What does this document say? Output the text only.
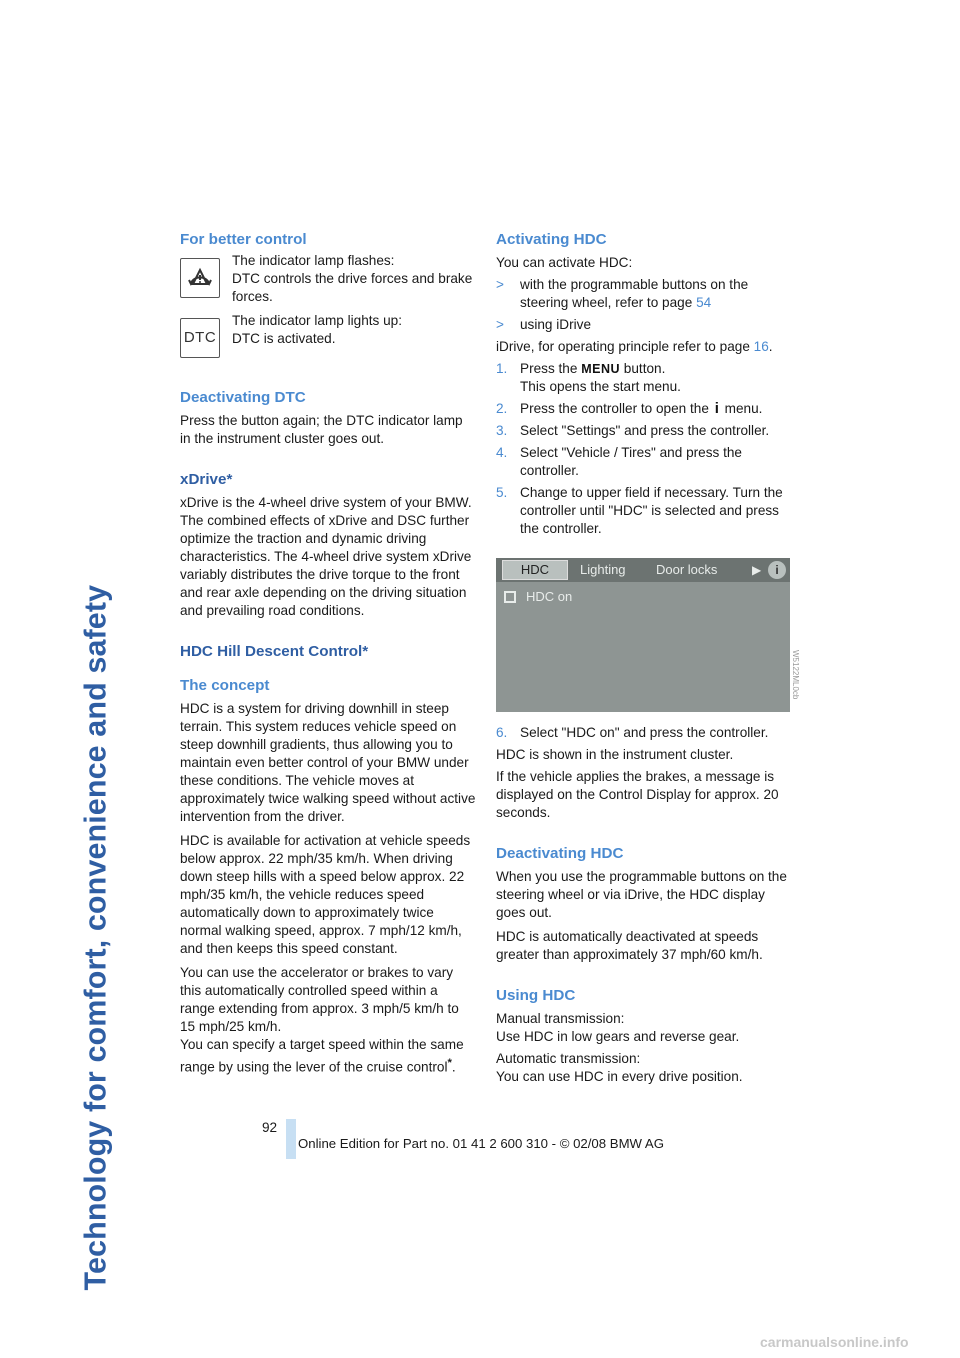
Technology for comfort, convenience and safety
For better control

The indicator lamp flashes:

DTC controls the drive forces and brake forces.

DTC

The indicator lamp lights up:

DTC is activated.

Deactivating DTC

Press the button again; the DTC indicator lamp in the instrument cluster goes out.

xDrive*

xDrive is the 4-wheel drive system of your BMW. The combined effects of xDrive and DSC further optimize the traction and dynamic driving characteristics. The 4-wheel drive system xDrive variably distributes the drive torque to the front and rear axle depending on the driving situation and prevailing road conditions.

HDC Hill Descent Control*
The concept

HDC is a system for driving downhill in steep terrain. This system reduces vehicle speed on steep downhill gradients, thus allowing you to maintain even better control of your BMW under these conditions. The vehicle moves at approximately twice walking speed without active intervention from the driver.

HDC is available for activation at vehicle speeds below approx. 22 mph/35 km/h. When driving down steep hills with a speed below approx. 22 mph/35 km/h, the vehicle reduces speed automatically down to approximately twice normal walking speed, approx. 7 mph/12 km/h, and then keeps this speed constant.

You can use the accelerator or brakes to vary this automatically controlled speed within a range extending from approx. 3 mph/5 km/h to 15 mph/25 km/h.

You can specify a target speed within the same range by using the lever of the cruise control*.

Activating HDC

You can activate HDC:

>	with the programmable buttons on the steering wheel, refer to page 54
>	using iDrive

iDrive, for operating principle refer to page 16.

1. Press the MENU button.
This opens the start menu.
2. Press the controller to open the i menu.
3. Select "Settings" and press the controller.
4. Select "Vehicle / Tires" and press the controller.
5. Change to upper field if necessary. Turn the controller until "HDC" is selected and press the controller.
HDC	Lighting Door locks	▶	i
HDC on
6. Select "HDC on" and press the controller.

HDC is shown in the instrument cluster.

If the vehicle applies the brakes, a message is displayed on the Control Display for approx. 20 seconds.

Deactivating HDC

When you use the programmable buttons on the steering wheel or via iDrive, the HDC display goes out.

HDC is automatically deactivated at speeds greater than approximately 37 mph/60 km/h.

Using HDC

Manual transmission:

Use HDC in low gears and reverse gear.

Automatic transmission:

You can use HDC in every drive position.

W5122ML0cb
92
Online Edition for Part no. 01 41 2 600 310 - © 02/08 BMW AG
carmanualsonline.info
